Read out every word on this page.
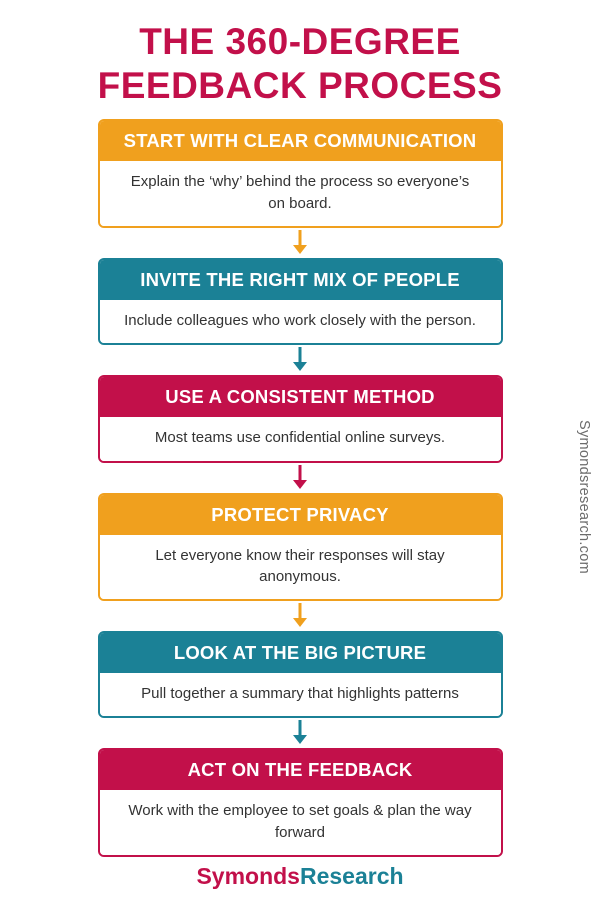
THE 360-DEGREE
FEEDBACK PROCESS
Symondsresearch.com
START WITH CLEAR COMMUNICATION
Explain the ‘why’ behind the process so everyone’s on board.
INVITE THE RIGHT MIX OF PEOPLE
Include colleagues who work closely with the person.
USE A CONSISTENT METHOD
Most teams use confidential online surveys.
PROTECT PRIVACY
Let everyone know their responses will stay anonymous.
LOOK AT THE BIG PICTURE
Pull together a summary that highlights patterns
ACT ON THE FEEDBACK
Work with the employee to set goals & plan the way forward
SymondsResearch
